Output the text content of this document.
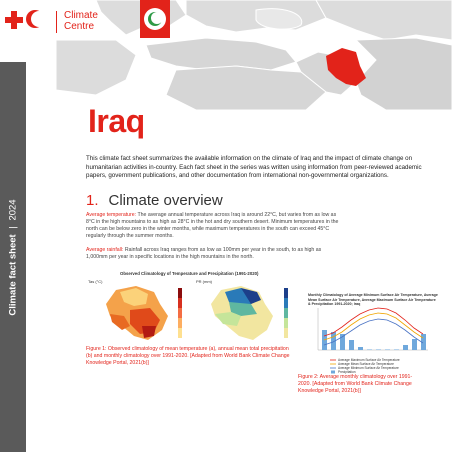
Climate
Centre
Climate fact sheet | 2024
Iraq
This climate fact sheet summarizes the available information on the climate of Iraq and the impact of climate change on humanitarian activities in-country. Each fact sheet in the series was written using information from peer-reviewed academic papers, government publications, and other documentation from international non-governmental organizations.
1. Climate overview
Average temperature: The average annual temperature across Iraq is around 22°C, but varies from as low as 8°C in the high mountains to as high as 28°C in the hot and dry southern desert. Minimum temperatures in the north can be below zero in the winter months, while maximum temperatures in the south can exceed 45°C regularly through the summer months.
Average rainfall: Rainfall across Iraq ranges from as low as 100mm per year in the south, to as high as 1,000mm per year in specific locations in the high mountains in the north.
Observed Climatology of Temperature and Precipitation (1991-2020)
Tas (°C)	PR (mm)
Figure 1: Observed climatology of mean temperature (a), annual mean total precipitation (b) and monthly climatology over 1991-2020. [Adapted from World Bank Climate Change Knowledge Portal, 2021(b)]
Monthly Climatology of Average Minimum Surface Air Temperature, Average Mean Surface Air Temperature, Average Maximum Surface Air Temperature & Precipitation 1991-2020; Iraq
Average Maximum Surface Air Temperature
Average Mean Surface Air Temperature
Average Minimum Surface Air Temperature
Precipitation
Figure 2: Average monthly climatology over 1991-2020. [Adapted from World Bank Climate Change Knowledge Portal, 2021(b)]
